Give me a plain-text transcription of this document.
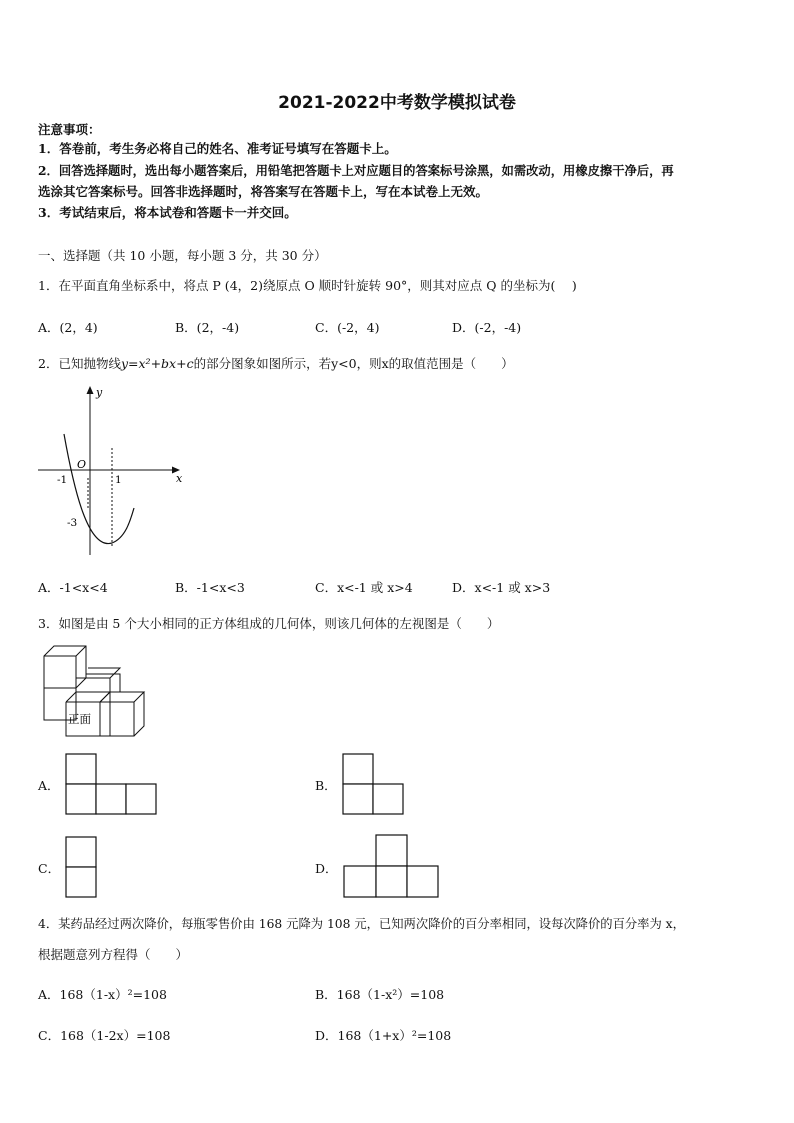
2021-2022中考数学模拟试卷
注意事项：
1．答卷前，考生务必将自己的姓名、准考证号填写在答题卡上。
2．回答选择题时，选出每小题答案后，用铅笔把答题卡上对应题目的答案标号涂黑，如需改动，用橡皮擦干净后，再
选涂其它答案标号。回答非选择题时，将答案写在答题卡上，写在本试卷上无效。
3．考试结束后，将本试卷和答题卡一并交回。
一、选择题（共 10 小题，每小题 3 分，共 30 分）
1．在平面直角坐标系中，将点 P (4，2)绕原点 O 顺时针旋转 90°，则其对应点 Q 的坐标为(　 )
A．(2，4)	B．(2，-4)	C．(-2，4)	D．(-2，-4)
2．已知抛物线y=x²+bx+c的部分图象如图所示，若y<0，则x的取值范围是（　　）
y
x
O
-1	1
-3
A．-1<x<4	B．-1<x<3	C．x<-1 或 x>4	D．x<-1 或 x>3
3．如图是由 5 个大小相同的正方体组成的几何体，则该几何体的左视图是（　　）
正面
A．	B．
C．	D．
4．某药品经过两次降价，每瓶零售价由 168 元降为 108 元，已知两次降价的百分率相同，设每次降价的百分率为 x，
根据题意列方程得（　　）
A．168（1-x）²=108	B．168（1-x²）=108
C．168（1-2x）=108	D．168（1+x）²=108
